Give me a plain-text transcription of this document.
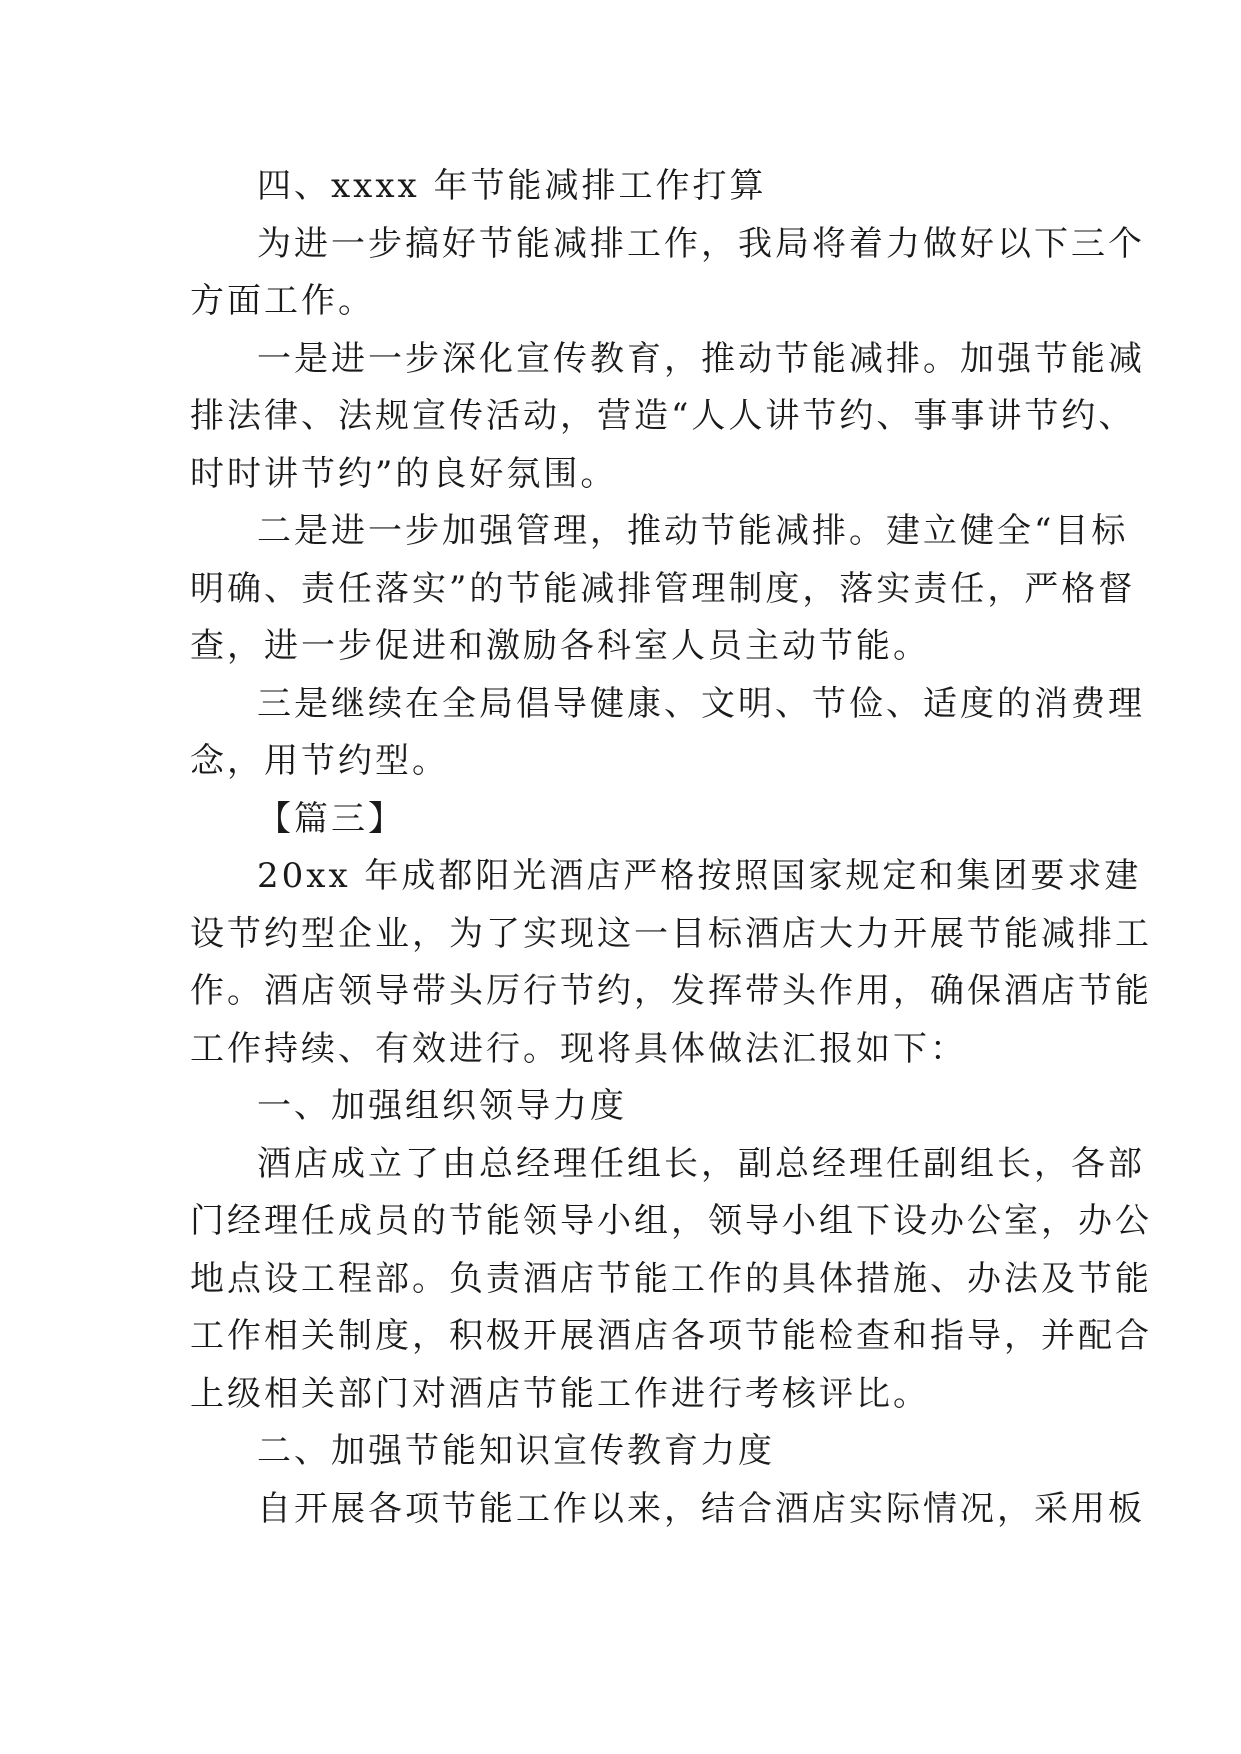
四、xxxx 年节能减排工作打算
为进一步搞好节能减排工作，我局将着力做好以下三个
方面工作。
一是进一步深化宣传教育，推动节能减排。加强节能减
排法律、法规宣传活动，营造“人人讲节约、事事讲节约、
时时讲节约”的良好氛围。
二是进一步加强管理，推动节能减排。建立健全“目标
明确、责任落实”的节能减排管理制度，落实责任，严格督
查，进一步促进和激励各科室人员主动节能。
三是继续在全局倡导健康、文明、节俭、适度的消费理
念，用节约型。
【篇三】
20xx 年成都阳光酒店严格按照国家规定和集团要求建
设节约型企业，为了实现这一目标酒店大力开展节能减排工
作。酒店领导带头厉行节约，发挥带头作用，确保酒店节能
工作持续、有效进行。现将具体做法汇报如下：
一、加强组织领导力度
酒店成立了由总经理任组长，副总经理任副组长，各部
门经理任成员的节能领导小组，领导小组下设办公室，办公
地点设工程部。负责酒店节能工作的具体措施、办法及节能
工作相关制度，积极开展酒店各项节能检查和指导，并配合
上级相关部门对酒店节能工作进行考核评比。
二、加强节能知识宣传教育力度
自开展各项节能工作以来，结合酒店实际情况，采用板
